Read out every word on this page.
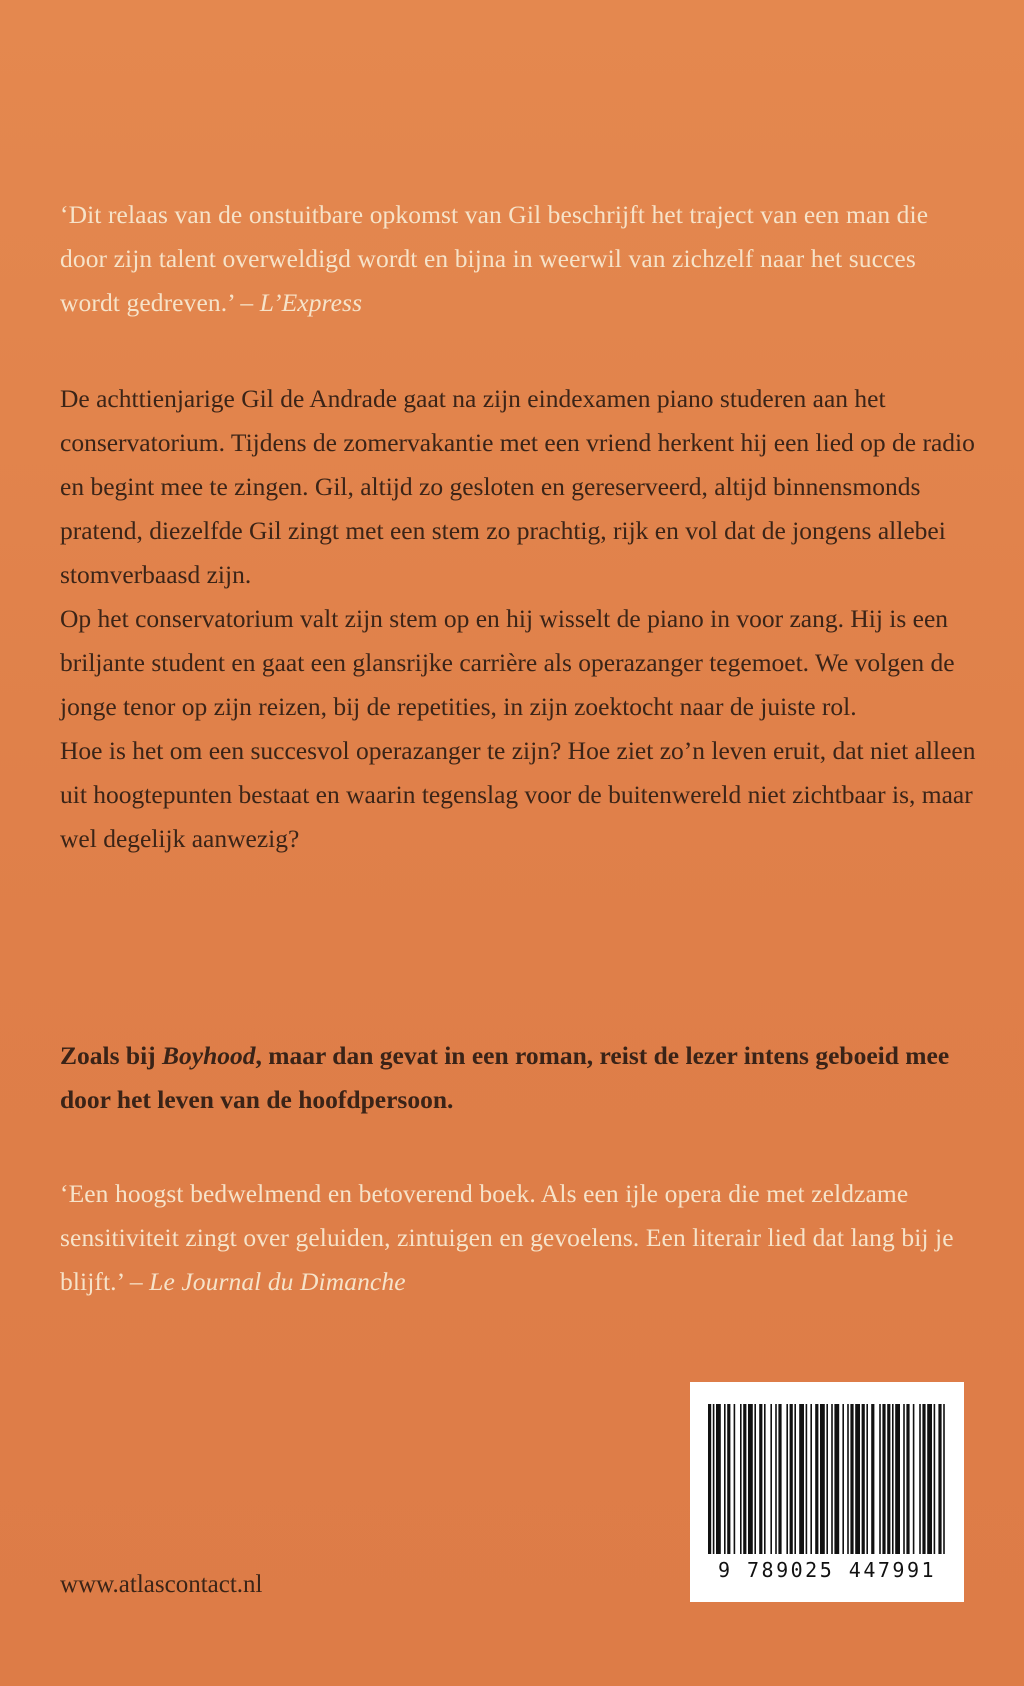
‘Dit relaas van de onstuitbare opkomst van Gil beschrijft het traject van een man die door zijn talent overweldigd wordt en bijna in weerwil van zichzelf naar het succes wordt gedreven.’ – L’Express

De achttienjarige Gil de Andrade gaat na zijn eindexamen piano studeren aan het conservatorium. Tijdens de zomervakantie met een vriend herkent hij een lied op de radio en begint mee te zingen. Gil, altijd zo gesloten en gereserveerd, altijd binnensmonds pratend, diezelfde Gil zingt met een stem zo prachtig, rijk en vol dat de jongens allebei stomverbaasd zijn.

Op het conservatorium valt zijn stem op en hij wisselt de piano in voor zang. Hij is een briljante student en gaat een glansrijke carrière als operazanger tegemoet. We volgen de jonge tenor op zijn reizen, bij de repetities, in zijn zoektocht naar de juiste rol.

Hoe is het om een succesvol operazanger te zijn? Hoe ziet zo’n leven eruit, dat niet alleen uit hoogtepunten bestaat en waarin tegenslag voor de buitenwereld niet zichtbaar is, maar wel degelijk aanwezig?

Zoals bij Boyhood, maar dan gevat in een roman, reist de lezer intens geboeid mee door het leven van de hoofdpersoon.
‘Een hoogst bedwelmend en betoverend boek. Als een ijle opera die met zeldzame sensitiviteit zingt over geluiden, zintuigen en gevoelens. Een literair lied dat lang bij je blijft.’ – Le Journal du Dimanche
www.atlascontact.nl
9 789025 447991
